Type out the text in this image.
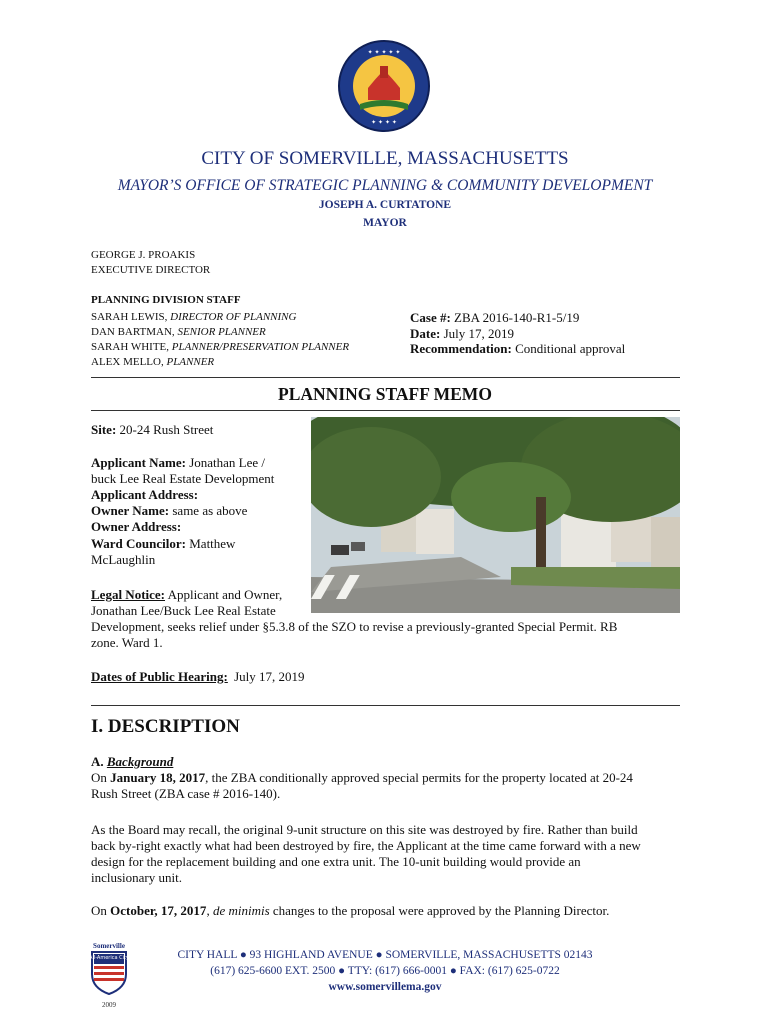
✦ ✦ ✦ ✦ ✦
✦ ✦ ✦ ✦
CITY OF SOMERVILLE, MASSACHUSETTS
MAYOR’S OFFICE OF STRATEGIC PLANNING & COMMUNITY DEVELOPMENT
JOSEPH A. CURTATONE
MAYOR
GEORGE J. PROAKIS
EXECUTIVE DIRECTOR
PLANNING DIVISION STAFF
SARAH LEWIS, DIRECTOR OF PLANNING
DAN BARTMAN, SENIOR PLANNER
SARAH WHITE, PLANNER/PRESERVATION PLANNER
ALEX MELLO, PLANNER
Case #: ZBA 2016-140-R1-5/19
Date: July 17, 2019
Recommendation: Conditional approval
PLANNING STAFF MEMO
Site: 20-24 Rush Street
Applicant Name: Jonathan Lee /
buck Lee Real Estate Development
Applicant Address:
Owner Name: same as above
Owner Address:
Ward Councilor: Matthew
McLaughlin
Legal Notice: Applicant and Owner,
Jonathan Lee/Buck Lee Real Estate
Development, seeks relief under §5.3.8 of the SZO to revise a previously-granted Special Permit. RB
zone. Ward 1.
Dates of Public Hearing: July 17, 2019
I. DESCRIPTION
A. Background
On January 18, 2017, the ZBA conditionally approved special permits for the property located at 20-24
Rush Street (ZBA case # 2016-140).
As the Board may recall, the original 9-unit structure on this site was destroyed by fire. Rather than build
back by-right exactly what had been destroyed by fire, the Applicant at the time came forward with a new
design for the replacement building and one extra unit. The 10-unit building would provide an
inclusionary unit.
On October, 17, 2017, de minimis changes to the proposal were approved by the Planning Director.
Somerville
All-America City
2009
CITY HALL ● 93 HIGHLAND AVENUE ● SOMERVILLE, MASSACHUSETTS 02143
(617) 625-6600 EXT. 2500 ● TTY: (617) 666-0001 ● FAX: (617) 625-0722
www.somervillema.gov
